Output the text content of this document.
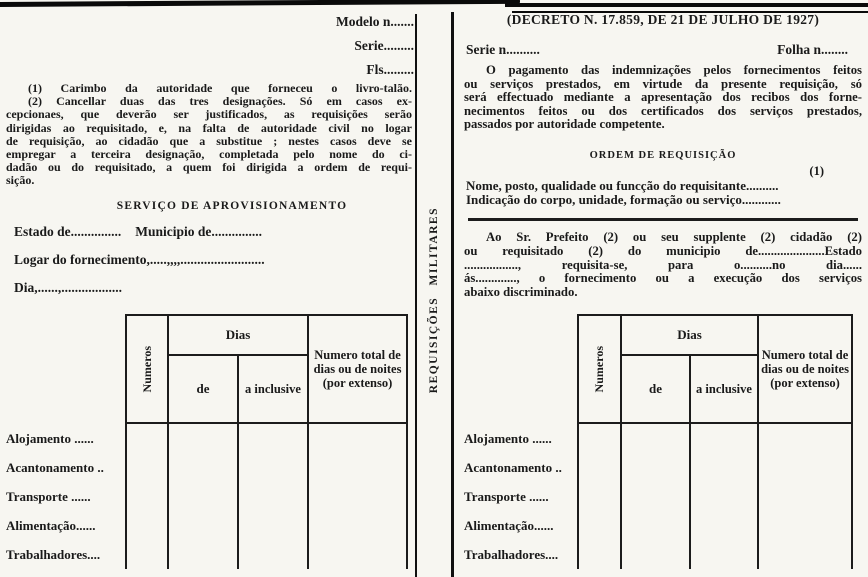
REQUISIÇÕES MILITARES
Modelo n.......
Serie.........
Fls.........
(1) Carimbo da autoridade que forneceu o livro-talão.
(2) Cancellar duas das tres designações. Só em casos ex-
cepcionaes, que deverão ser justificados, as requisições serão
dirigidas ao requisitado, e, na falta de autoridade civil no logar
de requisição, ao cidadão que a substitue ; nestes casos deve se
empregar a terceira designação, completada pelo nome do ci-
dadão ou do requisitado, a quem foi dirigida a ordem de requi-
sição.
SERVIÇO DE APROVISIONAMENTO
Estado de............... Municipio de...............
Logar do fornecimento,.....,,,,.........................
Dia,......,..................
Numeros
Dias
de	a inclusive
Numero total de dias ou de noites (por extenso)
Alojamento ......
Acantonamento ..
Transporte ......
Alimentação......
Trabalhadores....
(DECRETO N. 17.859, DE 21 DE JULHO DE 1927)
Serie n..........	Folha n........
O pagamento das indemnizações pelos fornecimentos feitos
ou serviços prestados, em virtude da presente requisição, só
será effectuado mediante a apresentação dos recibos dos forne-
necimentos feitos ou dos certificados dos serviços prestados,
passados por autoridade competente.
ORDEM DE REQUISIÇÃO
(1)
Nome, posto, qualidade ou funcção do requisitante..........
Indicação do corpo, unidade, formação ou serviço............
Ao Sr. Prefeito (2) ou seu supplente (2) cidadão (2)
ou requisitado (2) do municipio de.....................Estado
................., requisita-se, para o..........no dia......
ás............., o fornecimento ou a execução dos serviços
abaixo discriminado.
Numeros
Dias
de	a inclusive
Numero total de dias ou de noites (por extenso)
Alojamento ......
Acantonamento ..
Transporte ......
Alimentação......
Trabalhadores....
